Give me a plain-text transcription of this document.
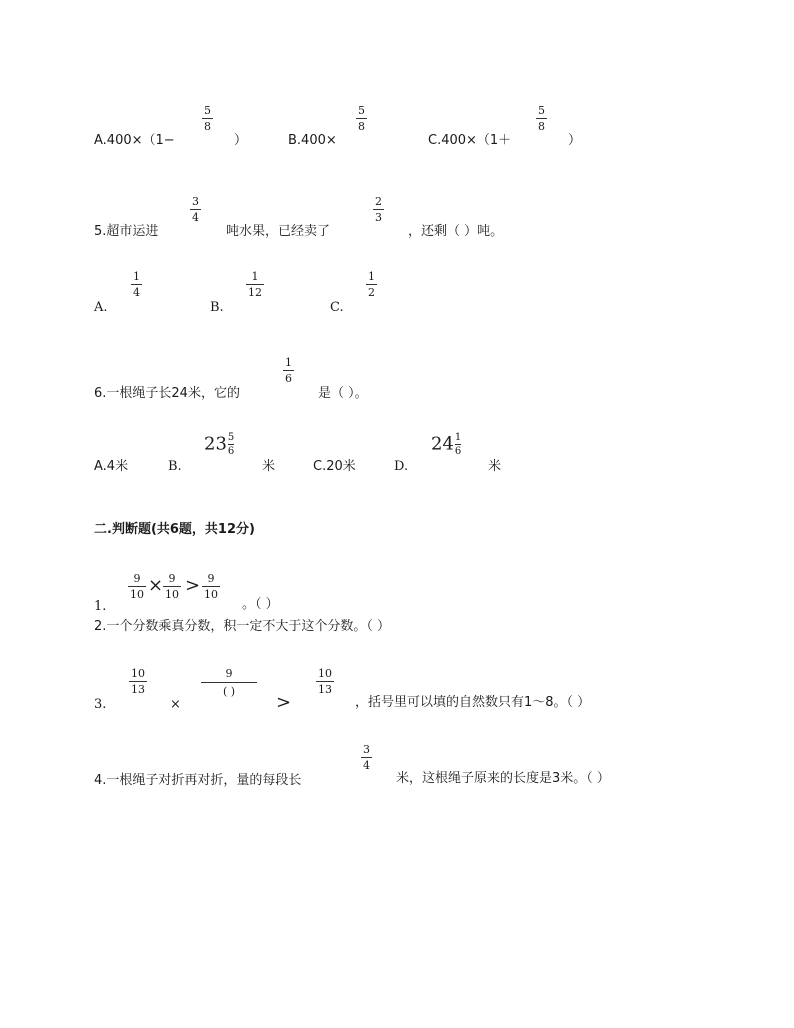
A.400×（1−
5
8
）	B.400×
5
8
C.400×（1＋
5
8
）
5.超市运进
3
4
吨水果，已经卖了
2
3
，还剩（ ）吨。
A.
1
4
B.
1
12
C.
1
2
6.一根绳子长24米，它的
1
6
是（ ）。
A.4米	B.
$23 \frac{5}{6}$
米	C.20米	D.
$24 \frac{1}{6}$
米
二.判断题(共6题，共12分)
1.
9
10 × 9
10 > 9
10
。（ ）
2.一个分数乘真分数，积一定不大于这个分数。（ ）
3.
10
13
×
9
( )
>
10
13
，括号里可以填的自然数只有1～8。（ ）
4.一根绳子对折再对折，量的每段长
3
4
米，这根绳子原来的长度是3米。（ ）
